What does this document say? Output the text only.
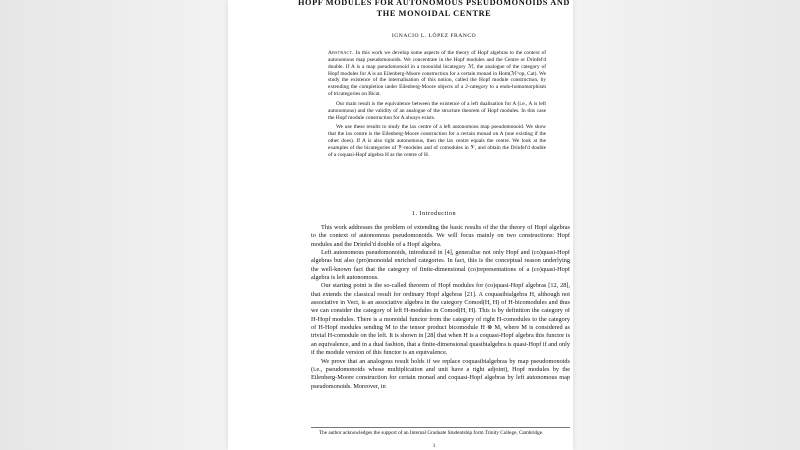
HOPF MODULES FOR AUTONOMOUS PSEUDOMONOIDS AND
THE MONOIDAL CENTRE
IGNACIO L. LÓPEZ FRANCO

Abstract. In this work we develop some aspects of the theory of Hopf algebras to the context of autonomous map pseudomonoids. We concentrate in the Hopf modules and the Centre or Drinfel'd double. If A is a map pseudomonoid in a monoidal bicategory ℳ, the analogue of the category of Hopf modules for A is an Eilenberg-Moore construction for a certain monad in Hom(ℳ^op, Cat). We study the existence of the internalisation of this notion, called the Hopf module construction, by extending the completion under Eilenberg-Moore objects of a 2-category to a endo-homomorphism of tricategories on Bicat.

Our main result is the equivalence between the existence of a left dualisation for A (i.e., A is left autonomous) and the validity of an analogue of the structure theorem of Hopf modules. In this case the Hopf module construction for A always exists.

We use these results to study the lax centre of a left autonomous map pseudomonoid. We show that the lax centre is the Eilenberg-Moore construction for a certain monad on A (one existing if the other does). If A is also right autonomous, then the lax centre equals the centre. We look at the examples of the bicategories of 𝒱-modules and of comodules in 𝒱, and obtain the Drinfel'd double of a coquasi-Hopf algebra H as the centre of H.

1. Introduction

This work addresses the problem of extending the basic results of the the theory of Hopf algebras to the context of autonomous pseudomonoids. We will focus mainly on two constructions: Hopf modules and the Drinfel'd double of a Hopf algebra.

Left autonomous pseudomonoids, introduced in [4], generalise not only Hopf and (co)quasi-Hopf algebras but also (pro)monoidal enriched categories. In fact, this is the conceptual reason underlying the well-known fact that the category of finite-dimensional (co)representations of a (co)quasi-Hopf algebra is left autonomous.

Our starting point is the so-called theorem of Hopf modules for (co)quasi-Hopf algebras [12, 28], that extends the classical result for ordinary Hopf algebras [21]. A coquasibialgebra H, although not associative in Vect, is an associative algebra in the category Comod(H, H) of H-bicomodules and thus we can consider the category of left H-modules in Comod(H, H). This is by definition the category of H-Hopf modules. There is a monoidal functor from the category of right H-comodules to the category of H-Hopf modules sending M to the tensor product bicomodule H ⊗ M, where M is considered as trivial H-comodule on the left. It is shown in [28] that when H is a coquasi-Hopf algebra this functor is an equivalence, and in a dual fashion, that a finite-dimensional quasibialgebra is quasi-Hopf if and only if the module version of this functor is an equivalence.

We prove that an analogous result holds if we replace coquasibialgebras by map pseudomonoids (i.e., pseudomonoids whose multiplication and unit have a right adjoint), Hopf modules by the Eilenberg-Moore construction for certain monad and coquasi-Hopf algebras by left autonomous map pseudomonoids. Moreover, in

The author acknowledges the support of an Internal Graduate Studentship form Trinity College, Cambridge.

1
